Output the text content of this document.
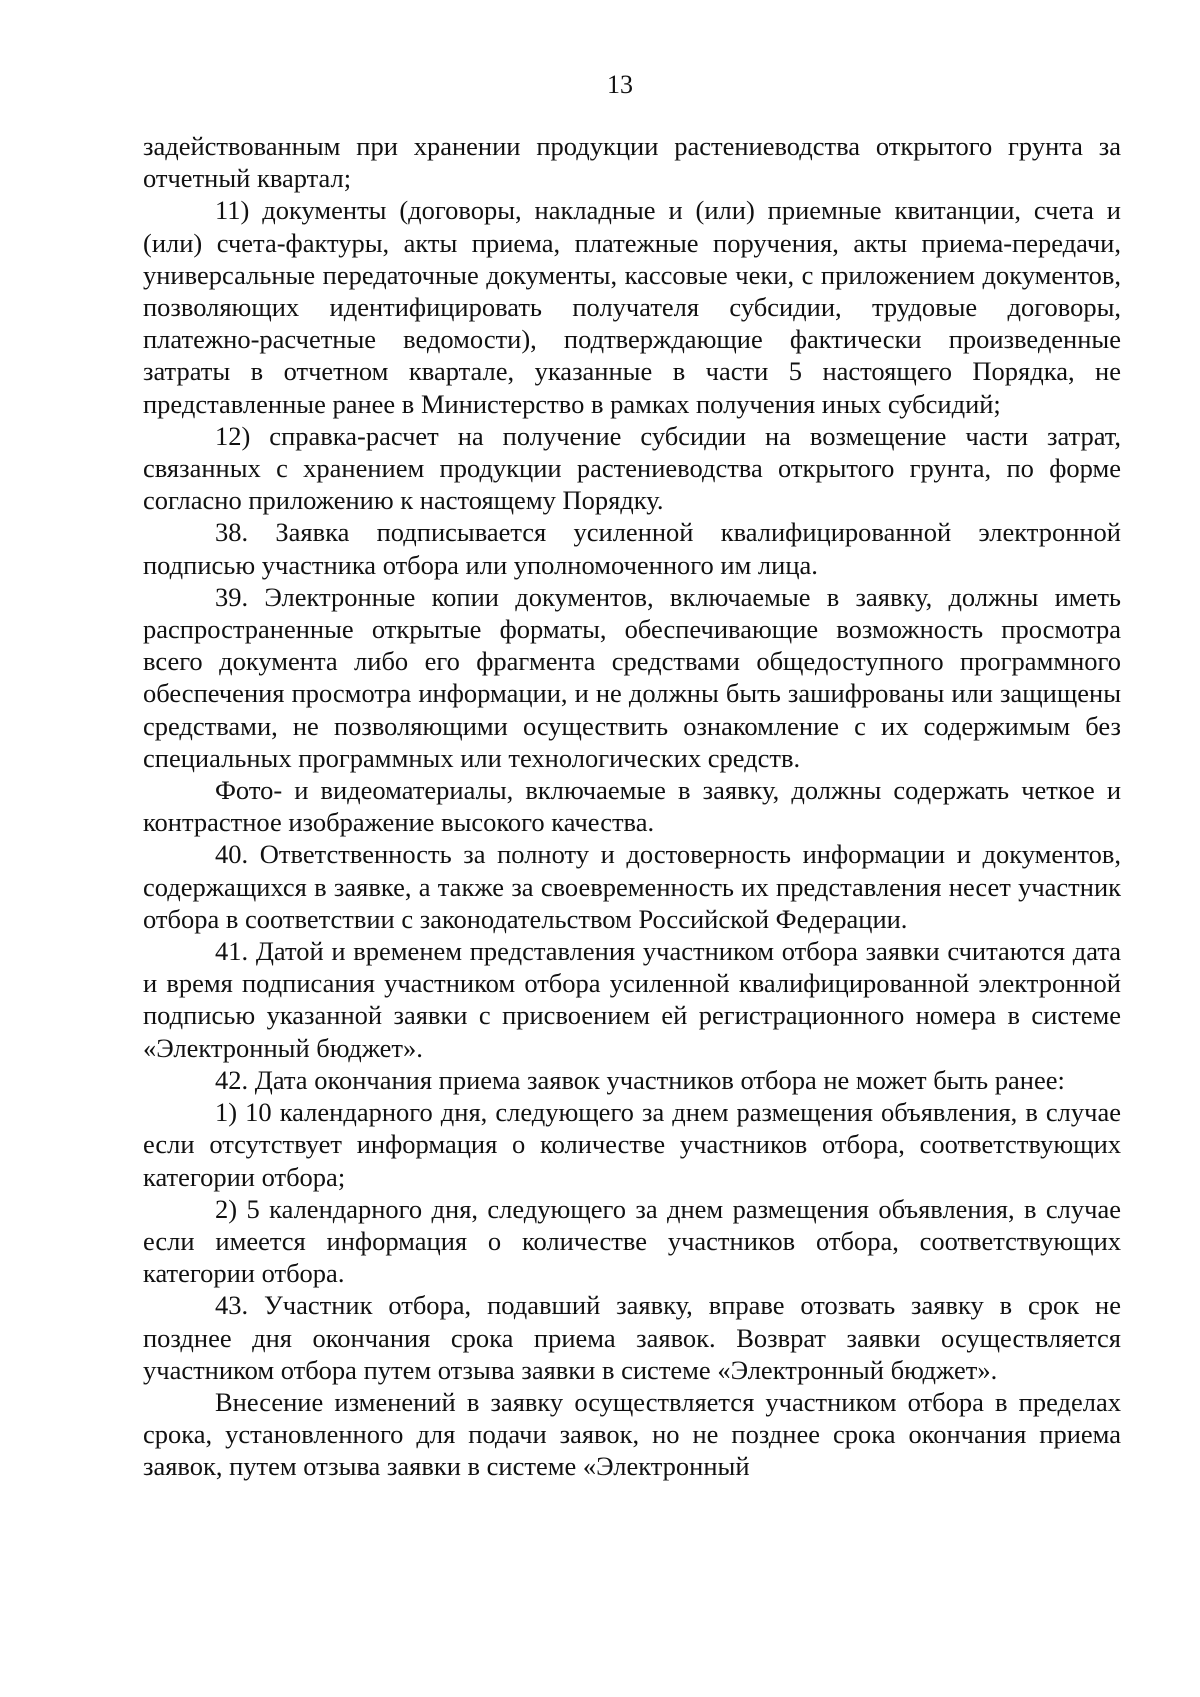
13

задействованным при хранении продукции растениеводства открытого грунта за отчетный квартал;

11) документы (договоры, накладные и (или) приемные квитанции, счета и (или) счета-фактуры, акты приема, платежные поручения, акты приема-передачи, универсальные передаточные документы, кассовые чеки, с приложением документов, позволяющих идентифицировать получателя субсидии, трудовые договоры, платежно-расчетные ведомости), подтверждающие фактически произведенные затраты в отчетном квартале, указанные в части 5 настоящего Порядка, не представленные ранее в Министерство в рамках получения иных субсидий;

12) справка-расчет на получение субсидии на возмещение части затрат, связанных с хранением продукции растениеводства открытого грунта, по форме согласно приложению к настоящему Порядку.

38. Заявка подписывается усиленной квалифицированной электронной подписью участника отбора или уполномоченного им лица.

39. Электронные копии документов, включаемые в заявку, должны иметь распространенные открытые форматы, обеспечивающие возможность просмотра всего документа либо его фрагмента средствами общедоступного программного обеспечения просмотра информации, и не должны быть зашифрованы или защищены средствами, не позволяющими осуществить ознакомление с их содержимым без специальных программных или технологических средств.

Фото- и видеоматериалы, включаемые в заявку, должны содержать четкое и контрастное изображение высокого качества.

40. Ответственность за полноту и достоверность информации и документов, содержащихся в заявке, а также за своевременность их представления несет участник отбора в соответствии с законодательством Российской Федерации.

41. Датой и временем представления участником отбора заявки считаются дата и время подписания участником отбора усиленной квалифицированной электронной подписью указанной заявки с присвоением ей регистрационного номера в системе «Электронный бюджет».

42. Дата окончания приема заявок участников отбора не может быть ранее:

1) 10 календарного дня, следующего за днем размещения объявления, в случае если отсутствует информация о количестве участников отбора, соответствующих категории отбора;

2) 5 календарного дня, следующего за днем размещения объявления, в случае если имеется информация о количестве участников отбора, соответствующих категории отбора.

43. Участник отбора, подавший заявку, вправе отозвать заявку в срок не позднее дня окончания срока приема заявок. Возврат заявки осуществляется участником отбора путем отзыва заявки в системе «Электронный бюджет».

Внесение изменений в заявку осуществляется участником отбора в пределах срока, установленного для подачи заявок, но не позднее срока окончания приема заявок, путем отзыва заявки в системе «Электронный
